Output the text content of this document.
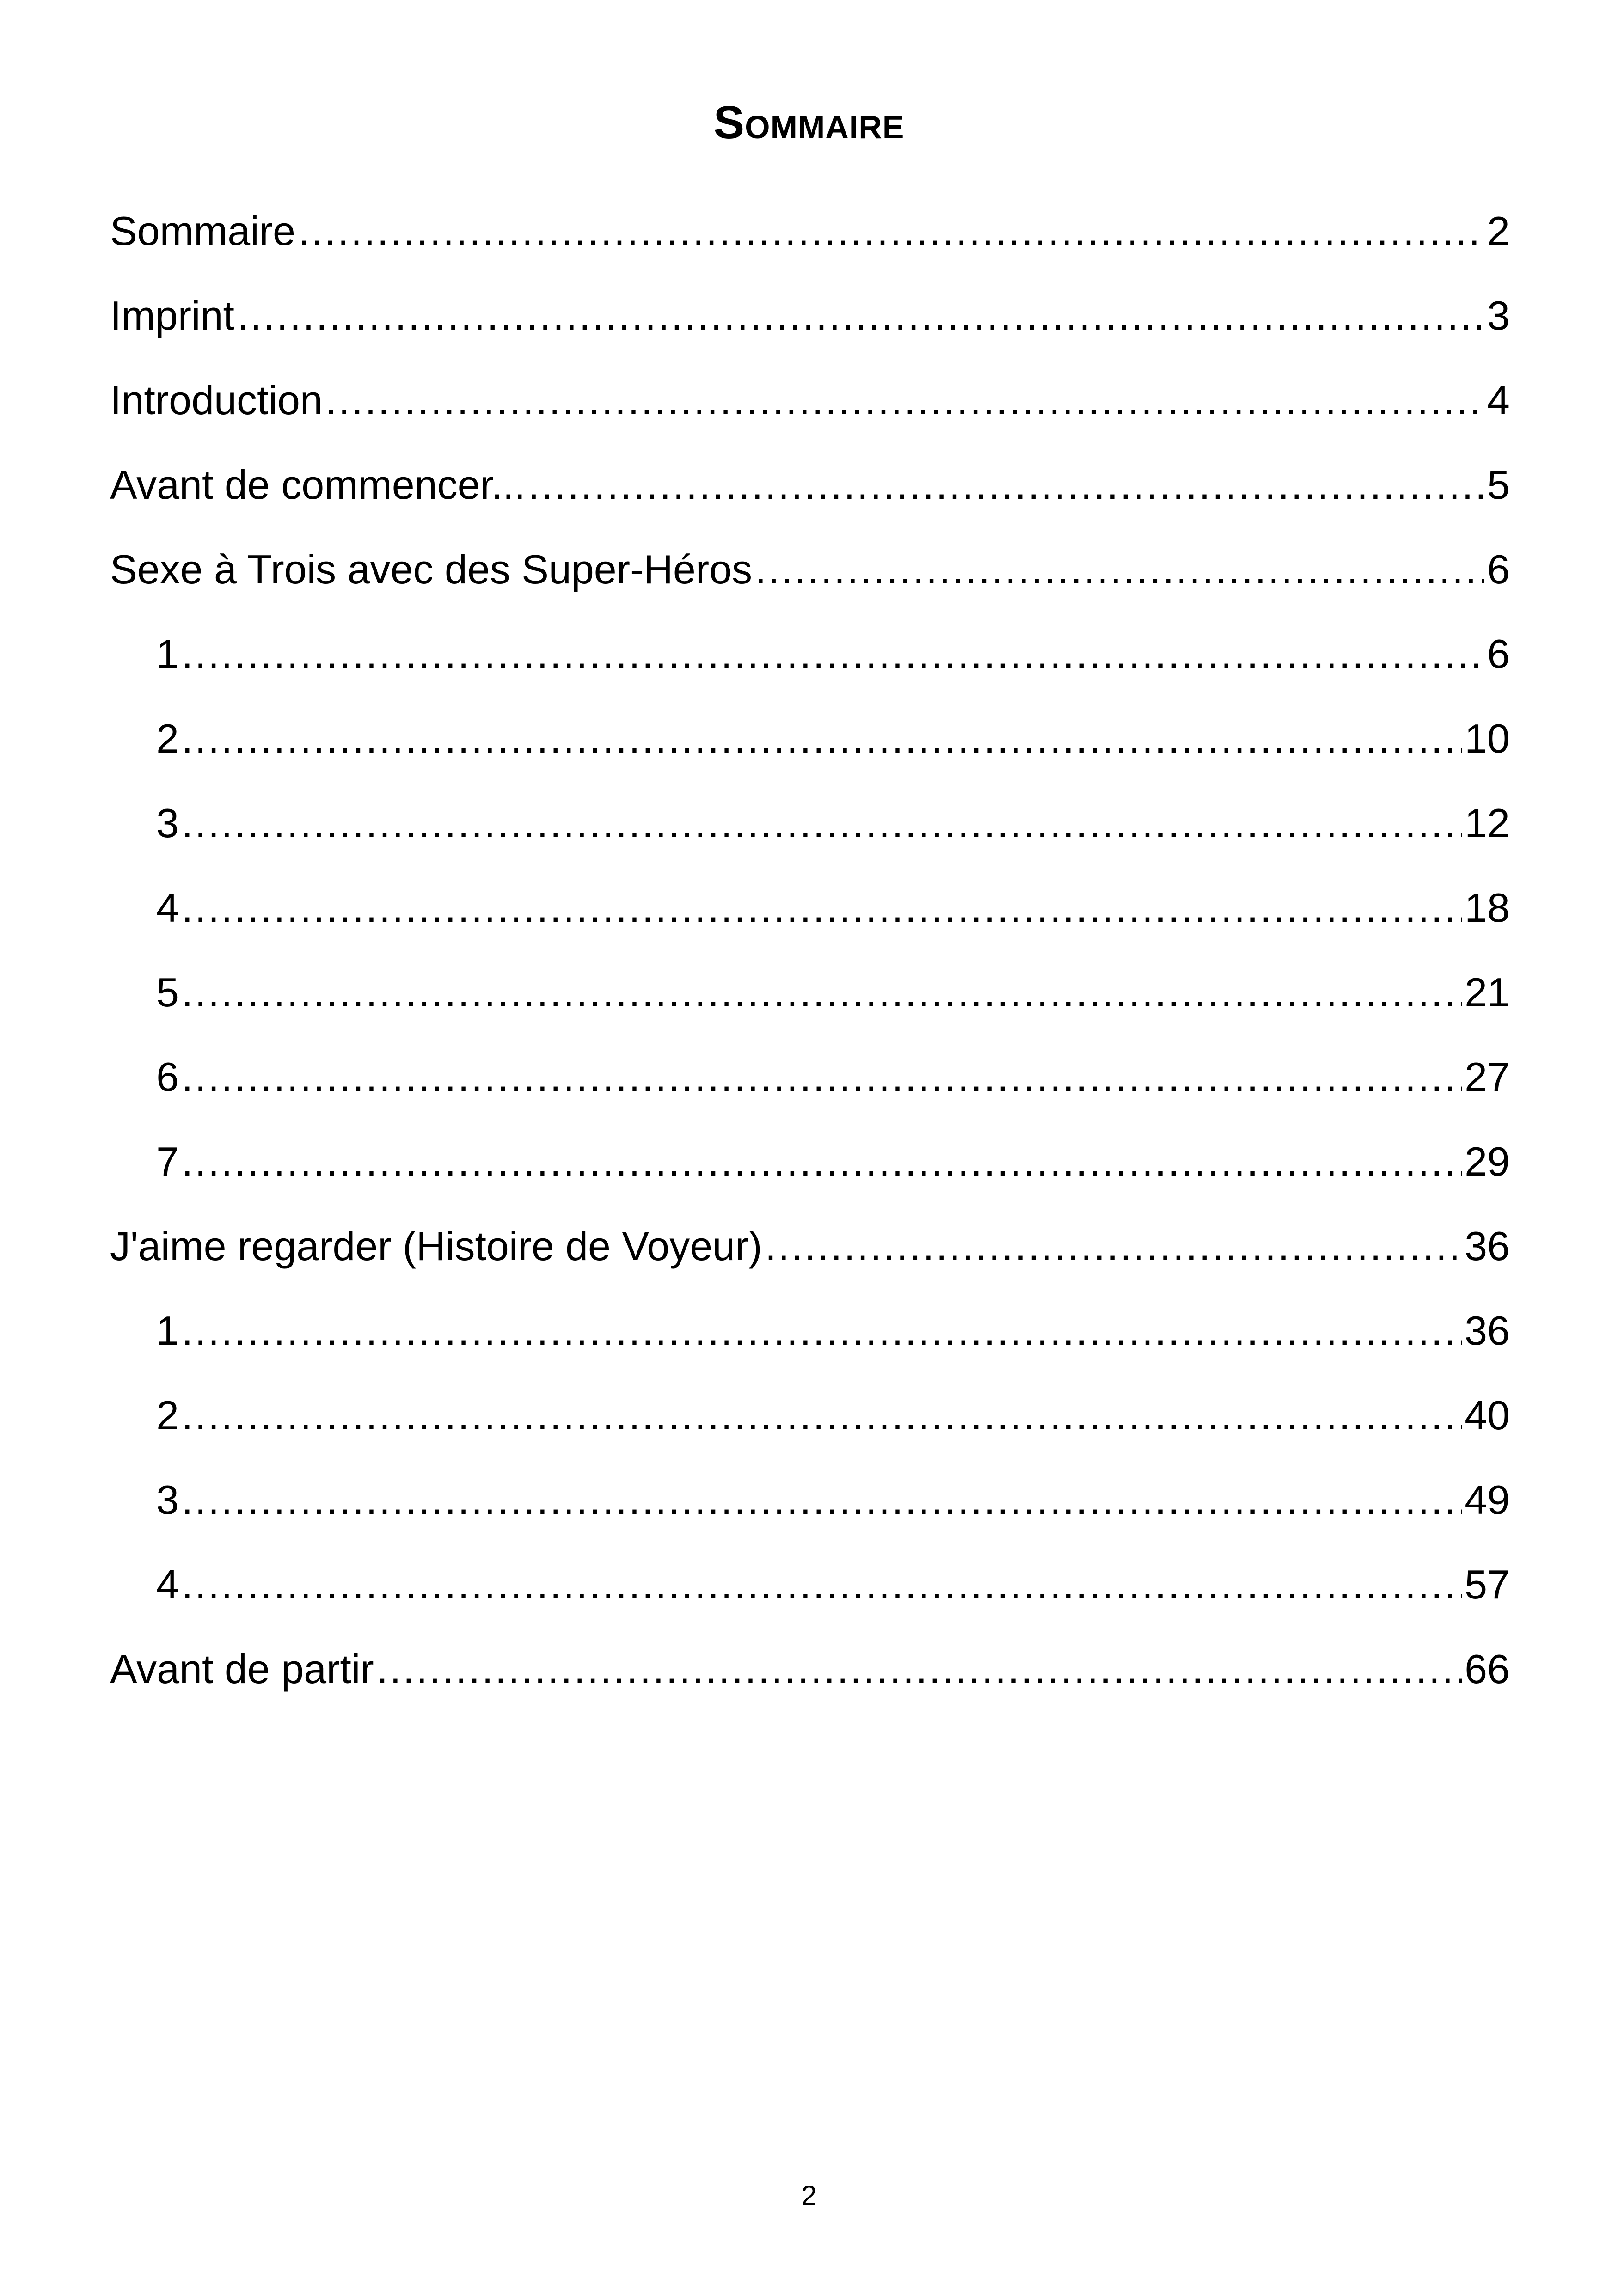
Sommaire
Sommaire .....	2
Imprint .....	3
Introduction .....	4
Avant de commencer... .....	5
Sexe à Trois avec des Super-Héros .....	6
1 .....	6
2 .....	10
3 .....	12
4 .....	18
5 .....	21
6 .....	27
7 .....	29
J'aime regarder (Histoire de Voyeur) .....	36
1 .....	36
2 .....	40
3 .....	49
4 .....	57
Avant de partir .....	66
2
